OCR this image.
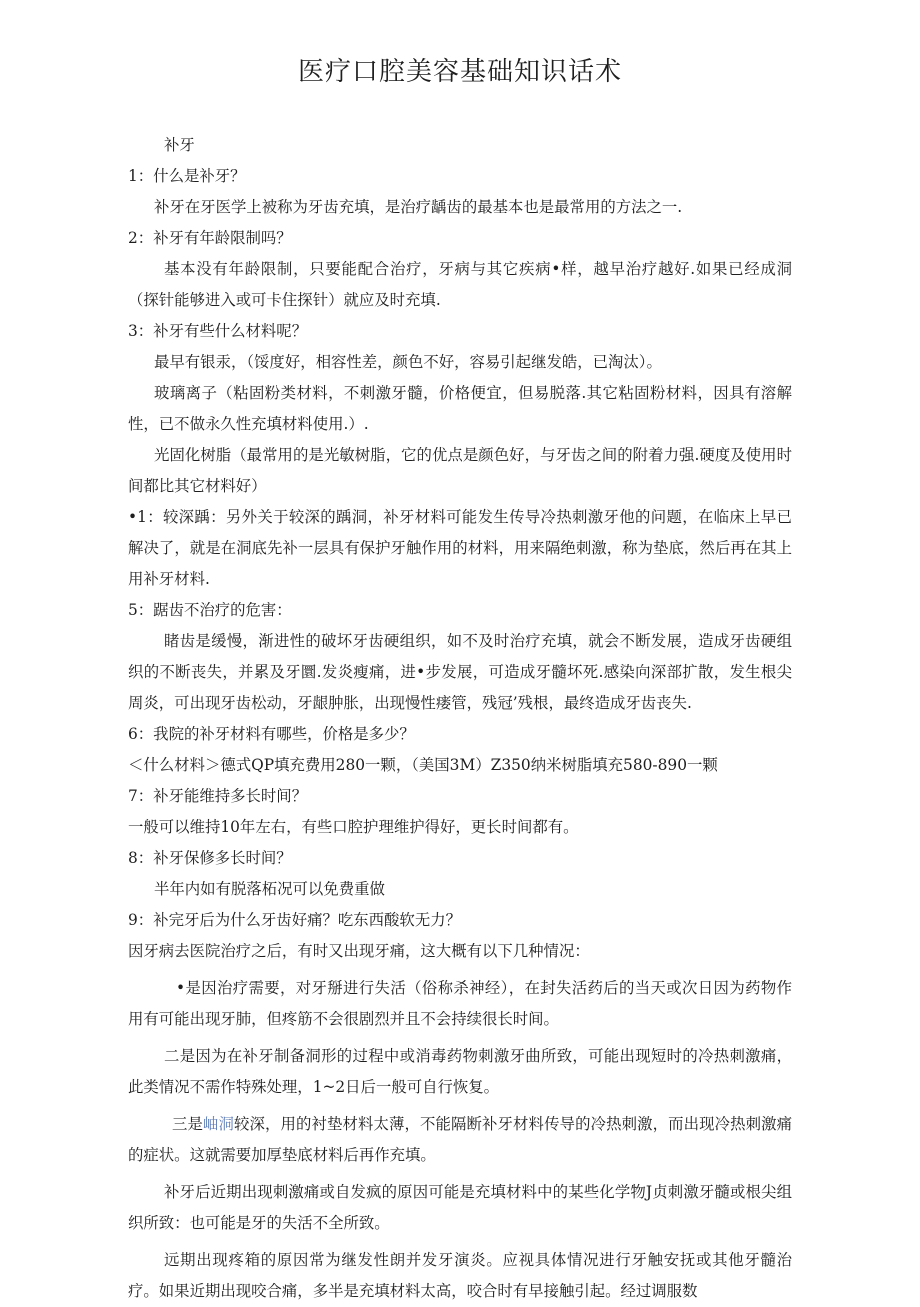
医疗口腔美容基础知识话术
补牙
1：什么是补牙？
补牙在牙医学上被称为牙齿充填，是治疗龋齿的最基本也是最常用的方法之一.
2：补牙有年龄限制吗？
基本没有年龄限制，只要能配合治疗，牙病与其它疾病•样，越早治疗越好.如果已经成洞（探针能够进入或可卡住探针）就应及时充填.
3：补牙有些什么材料呢？
最早有银汞，（馁度好，相容性差，颜色不好，容易引起继发皓，已淘汰）。
玻璃离子（粘固粉类材料，不刺激牙髓，价格便宜，但易脱落.其它粘固粉材料，因具有溶解性，已不做永久性充填材料使用.）.
光固化树脂（最常用的是光敏树脂，它的优点是颜色好，与牙齿之间的附着力强.硬度及使用时间都比其它材料好）
•1：较深踽：另外关于较深的踽洞，补牙材料可能发生传导冷热刺激牙他的问题，在临床上早已解决了，就是在洞底先补一层具有保护牙触作用的材料，用来隔绝刺激，称为垫底，然后再在其上用补牙材料.
5：踞齿不治疗的危害：
睹齿是缓慢，渐进性的破坏牙齿硬组织，如不及时治疗充填，就会不断发展，造成牙齿硬组织的不断丧失，并累及牙圜.发炎瘦痛，进•步发展，可造成牙髓坏死.感染向深部扩散，发生根尖周炎，可出现牙齿松动，牙龈肿胀，出现慢性瘘管，残冠’残根，最终造成牙齿丧失.
6：我院的补牙材料有哪些，价格是多少？
＜什么材料＞德式QP填充费用280一颗，（美国3M）Z350纳米树脂填充580-890一颗
7：补牙能维持多长时间？
一般可以维持10年左右，有些口腔护理维护得好，更长时间都有。
8：补牙保修多长时间？
半年内如有脱落柘况可以免费重做
9：补完牙后为什么牙齿好痛？吃东西酸软无力？
因牙病去医院治疗之后，有时又出现牙痛，这大概有以下几种情况：
•是因治疗需要，对牙掰进行失活（俗称杀神经），在封失活药后的当天或次日因为药物作用有可能出现牙肺，但疼筋不会很剧烈并且不会持续很长时间。
二是因为在补牙制备洞形的过程中或消毒药物刺激牙曲所致，可能出现短时的冷热刺激痛，此类情况不需作特殊处理，1~2日后一般可自行恢复。
三是岫洞较深，用的衬垫材料太薄，不能隔断补牙材料传导的冷热刺激，而出现冷热刺激痛的症状。这就需要加厚垫底材料后再作充填。
补牙后近期出现刺激痛或自发疯的原因可能是充填材料中的某些化学物J贞刺激牙髓或根尖组织所致：也可能是牙的失活不全所致。
远期出现疼箱的原因常为继发性朗并发牙演炎。应视具体情况进行牙触安抚或其他牙髓治疗。如果近期出现咬合痛，多半是充填材料太高，咬合时有早接触引起。经过调服数
